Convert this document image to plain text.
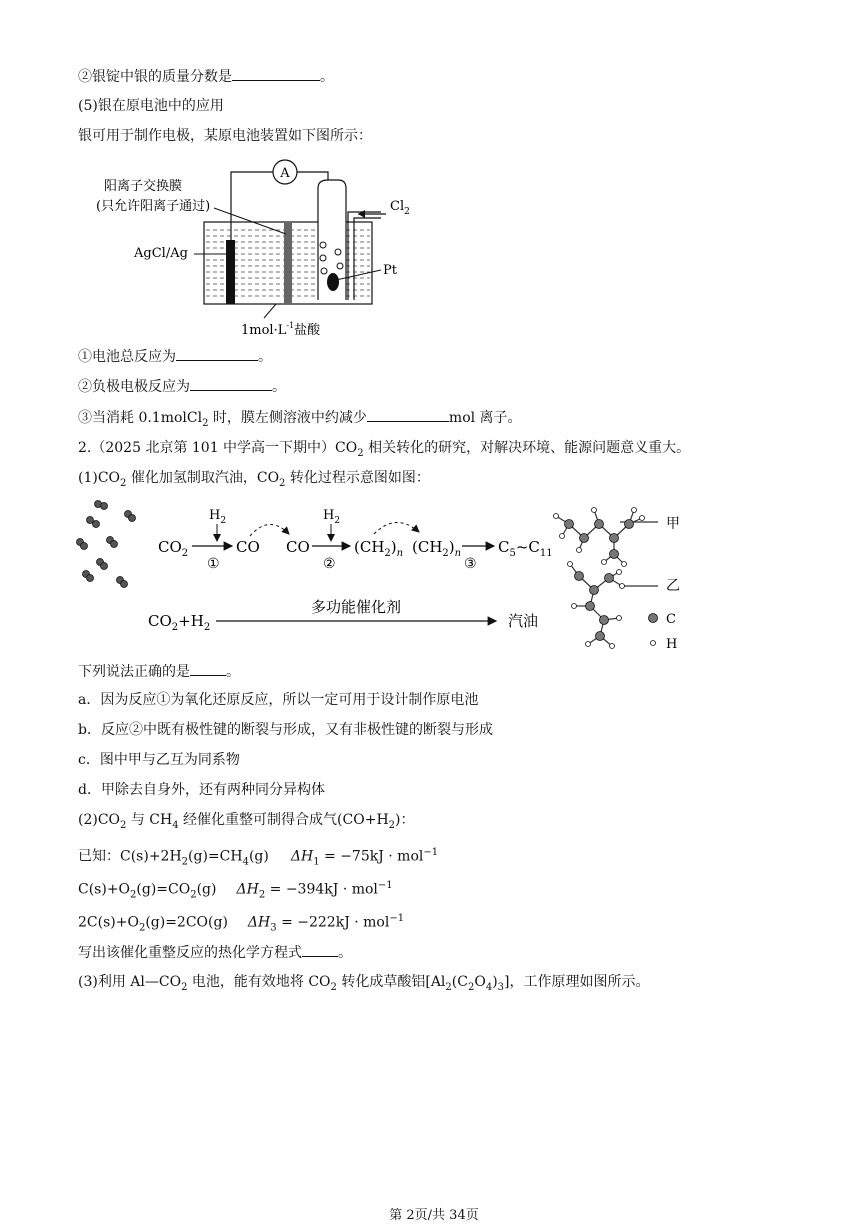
②银锭中银的质量分数是	。
(5)银在原电池中的应用
银可用于制作电极，某原电池装置如下图所示：
A
$Cl_2$
阳离子交换膜
(只允许阳离子通过)
AgCl/Ag
Pt
$1mol\cdot L^{-1}$盐酸
①电池总反应为	。
②负极电极反应为	。
③当消耗 0.1molCl$_2$ 时，膜左侧溶液中约减少	mol 离子。
2.（2025 北京第 101 中学高一下期中）$CO_2$ 相关转化的研究，对解决环境、能源问题意义重大。
$(1)CO_2$ 催化加氢制取汽油，$CO_2$ 转化过程示意图如图：
$CO_2$
$H_2$
①
CO CO
$H_2$
②
$(CH_2)_n$ $(CH_2)_n$
③
$C_5\sim C_{11}$
$CO_2+H_2$
多功能催化剂
汽油
甲
乙
C
H
下列说法正确的是	。
a．因为反应①为氧化还原反应，所以一定可用于设计制作原电池
b．反应②中既有极性键的断裂与形成，又有非极性键的断裂与形成
c．图中甲与乙互为同系物
d．甲除去自身外，还有两种同分异构体
$(2)CO_2$ 与 $CH_4$ 经催化重整可制得合成气$(CO+H_2)$：
已知：$C(s)+2H_2(g)=CH_4(g) \Delta H_1 = -75kJ \cdot mol^{-1}$
$C(s)+O_2(g)=CO_2(g) \Delta H_2 = -394kJ \cdot mol^{-1}$
$2C(s)+O_2(g)=2CO(g) \Delta H_3 = -222kJ \cdot mol^{-1}$
写出该催化重整反应的热化学方程式	。
(3)利用 $Al—CO_2$ 电池，能有效地将 $CO_2$ 转化成草酸铝$[Al_2(C_2O_4)_3]$，工作原理如图所示。
第 2页/共 34页
